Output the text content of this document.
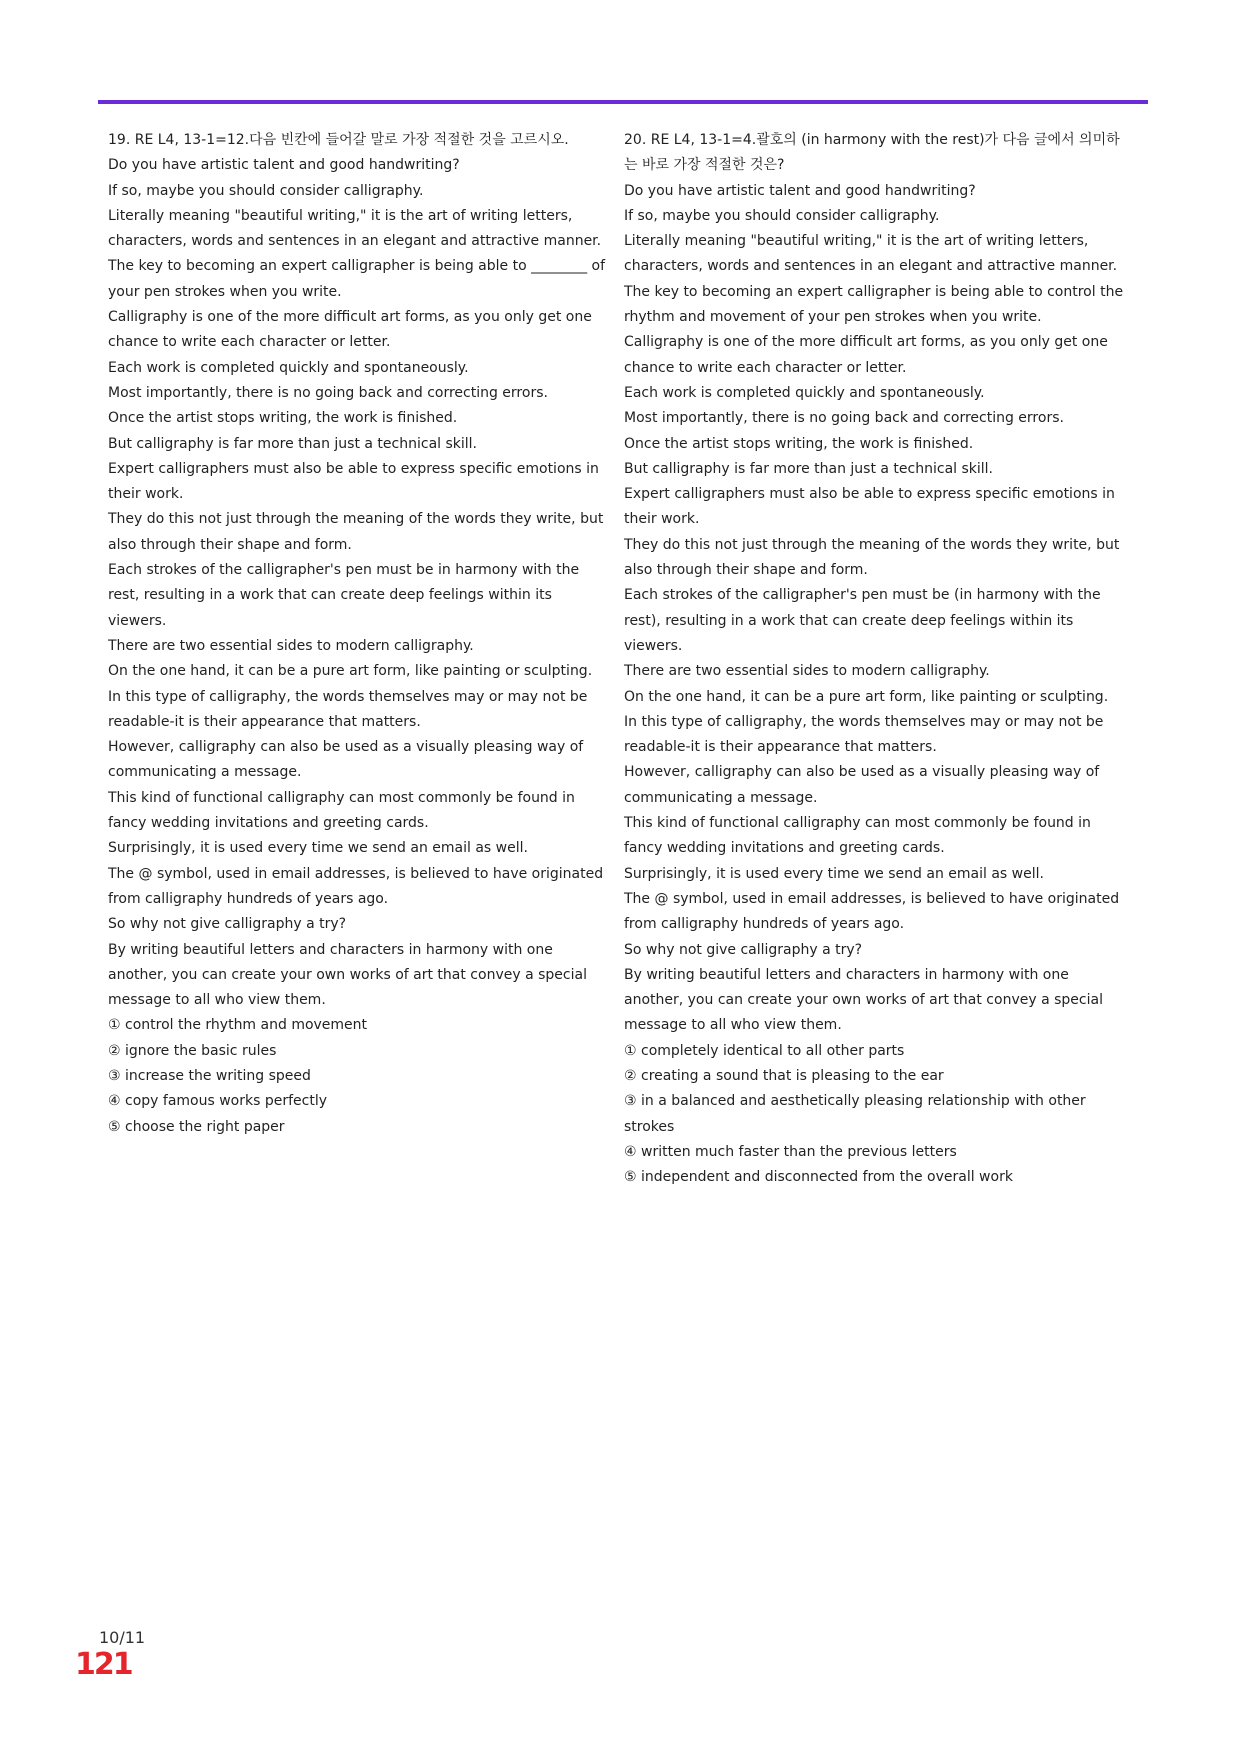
19. RE L4, 13-1=12.다음 빈칸에 들어갈 말로 가장 적절한 것을 고르시오.

Do you have artistic talent and good handwriting?

If so, maybe you should consider calligraphy.

Literally meaning "beautiful writing," it is the art of writing letters, characters, words and sentences in an elegant and attractive manner.

The key to becoming an expert calligrapher is being able to ________ of your pen strokes when you write.

Calligraphy is one of the more difficult art forms, as you only get one chance to write each character or letter.

Each work is completed quickly and spontaneously.

Most importantly, there is no going back and correcting errors.

Once the artist stops writing, the work is finished.

But calligraphy is far more than just a technical skill.

Expert calligraphers must also be able to express specific emotions in their work.

They do this not just through the meaning of the words they write, but also through their shape and form.

Each strokes of the calligrapher's pen must be in harmony with the rest, resulting in a work that can create deep feelings within its viewers.

There are two essential sides to modern calligraphy.

On the one hand, it can be a pure art form, like painting or sculpting.

In this type of calligraphy, the words themselves may or may not be readable-it is their appearance that matters.

However, calligraphy can also be used as a visually pleasing way of communicating a message.

This kind of functional calligraphy can most commonly be found in fancy wedding invitations and greeting cards.

Surprisingly, it is used every time we send an email as well.

The @ symbol, used in email addresses, is believed to have originated from calligraphy hundreds of years ago.

So why not give calligraphy a try?

By writing beautiful letters and characters in harmony with one another, you can create your own works of art that convey a special message to all who view them.

① control the rhythm and movement

② ignore the basic rules

③ increase the writing speed

④ copy famous works perfectly

⑤ choose the right paper

20. RE L4, 13-1=4.괄호의 (in harmony with the rest)가 다음 글에서 의미하는 바로 가장 적절한 것은?

Do you have artistic talent and good handwriting?

If so, maybe you should consider calligraphy.

Literally meaning "beautiful writing," it is the art of writing letters, characters, words and sentences in an elegant and attractive manner.

The key to becoming an expert calligrapher is being able to control the rhythm and movement of your pen strokes when you write.

Calligraphy is one of the more difficult art forms, as you only get one chance to write each character or letter.

Each work is completed quickly and spontaneously.

Most importantly, there is no going back and correcting errors.

Once the artist stops writing, the work is finished.

But calligraphy is far more than just a technical skill.

Expert calligraphers must also be able to express specific emotions in their work.

They do this not just through the meaning of the words they write, but also through their shape and form.

Each strokes of the calligrapher's pen must be (in harmony with the rest), resulting in a work that can create deep feelings within its viewers.

There are two essential sides to modern calligraphy.

On the one hand, it can be a pure art form, like painting or sculpting.

In this type of calligraphy, the words themselves may or may not be readable-it is their appearance that matters.

However, calligraphy can also be used as a visually pleasing way of communicating a message.

This kind of functional calligraphy can most commonly be found in fancy wedding invitations and greeting cards.

Surprisingly, it is used every time we send an email as well.

The @ symbol, used in email addresses, is believed to have originated from calligraphy hundreds of years ago.

So why not give calligraphy a try?

By writing beautiful letters and characters in harmony with one another, you can create your own works of art that convey a special message to all who view them.

① completely identical to all other parts

② creating a sound that is pleasing to the ear

③ in a balanced and aesthetically pleasing relationship with other strokes

④ written much faster than the previous letters

⑤ independent and disconnected from the overall work

10/11
121
